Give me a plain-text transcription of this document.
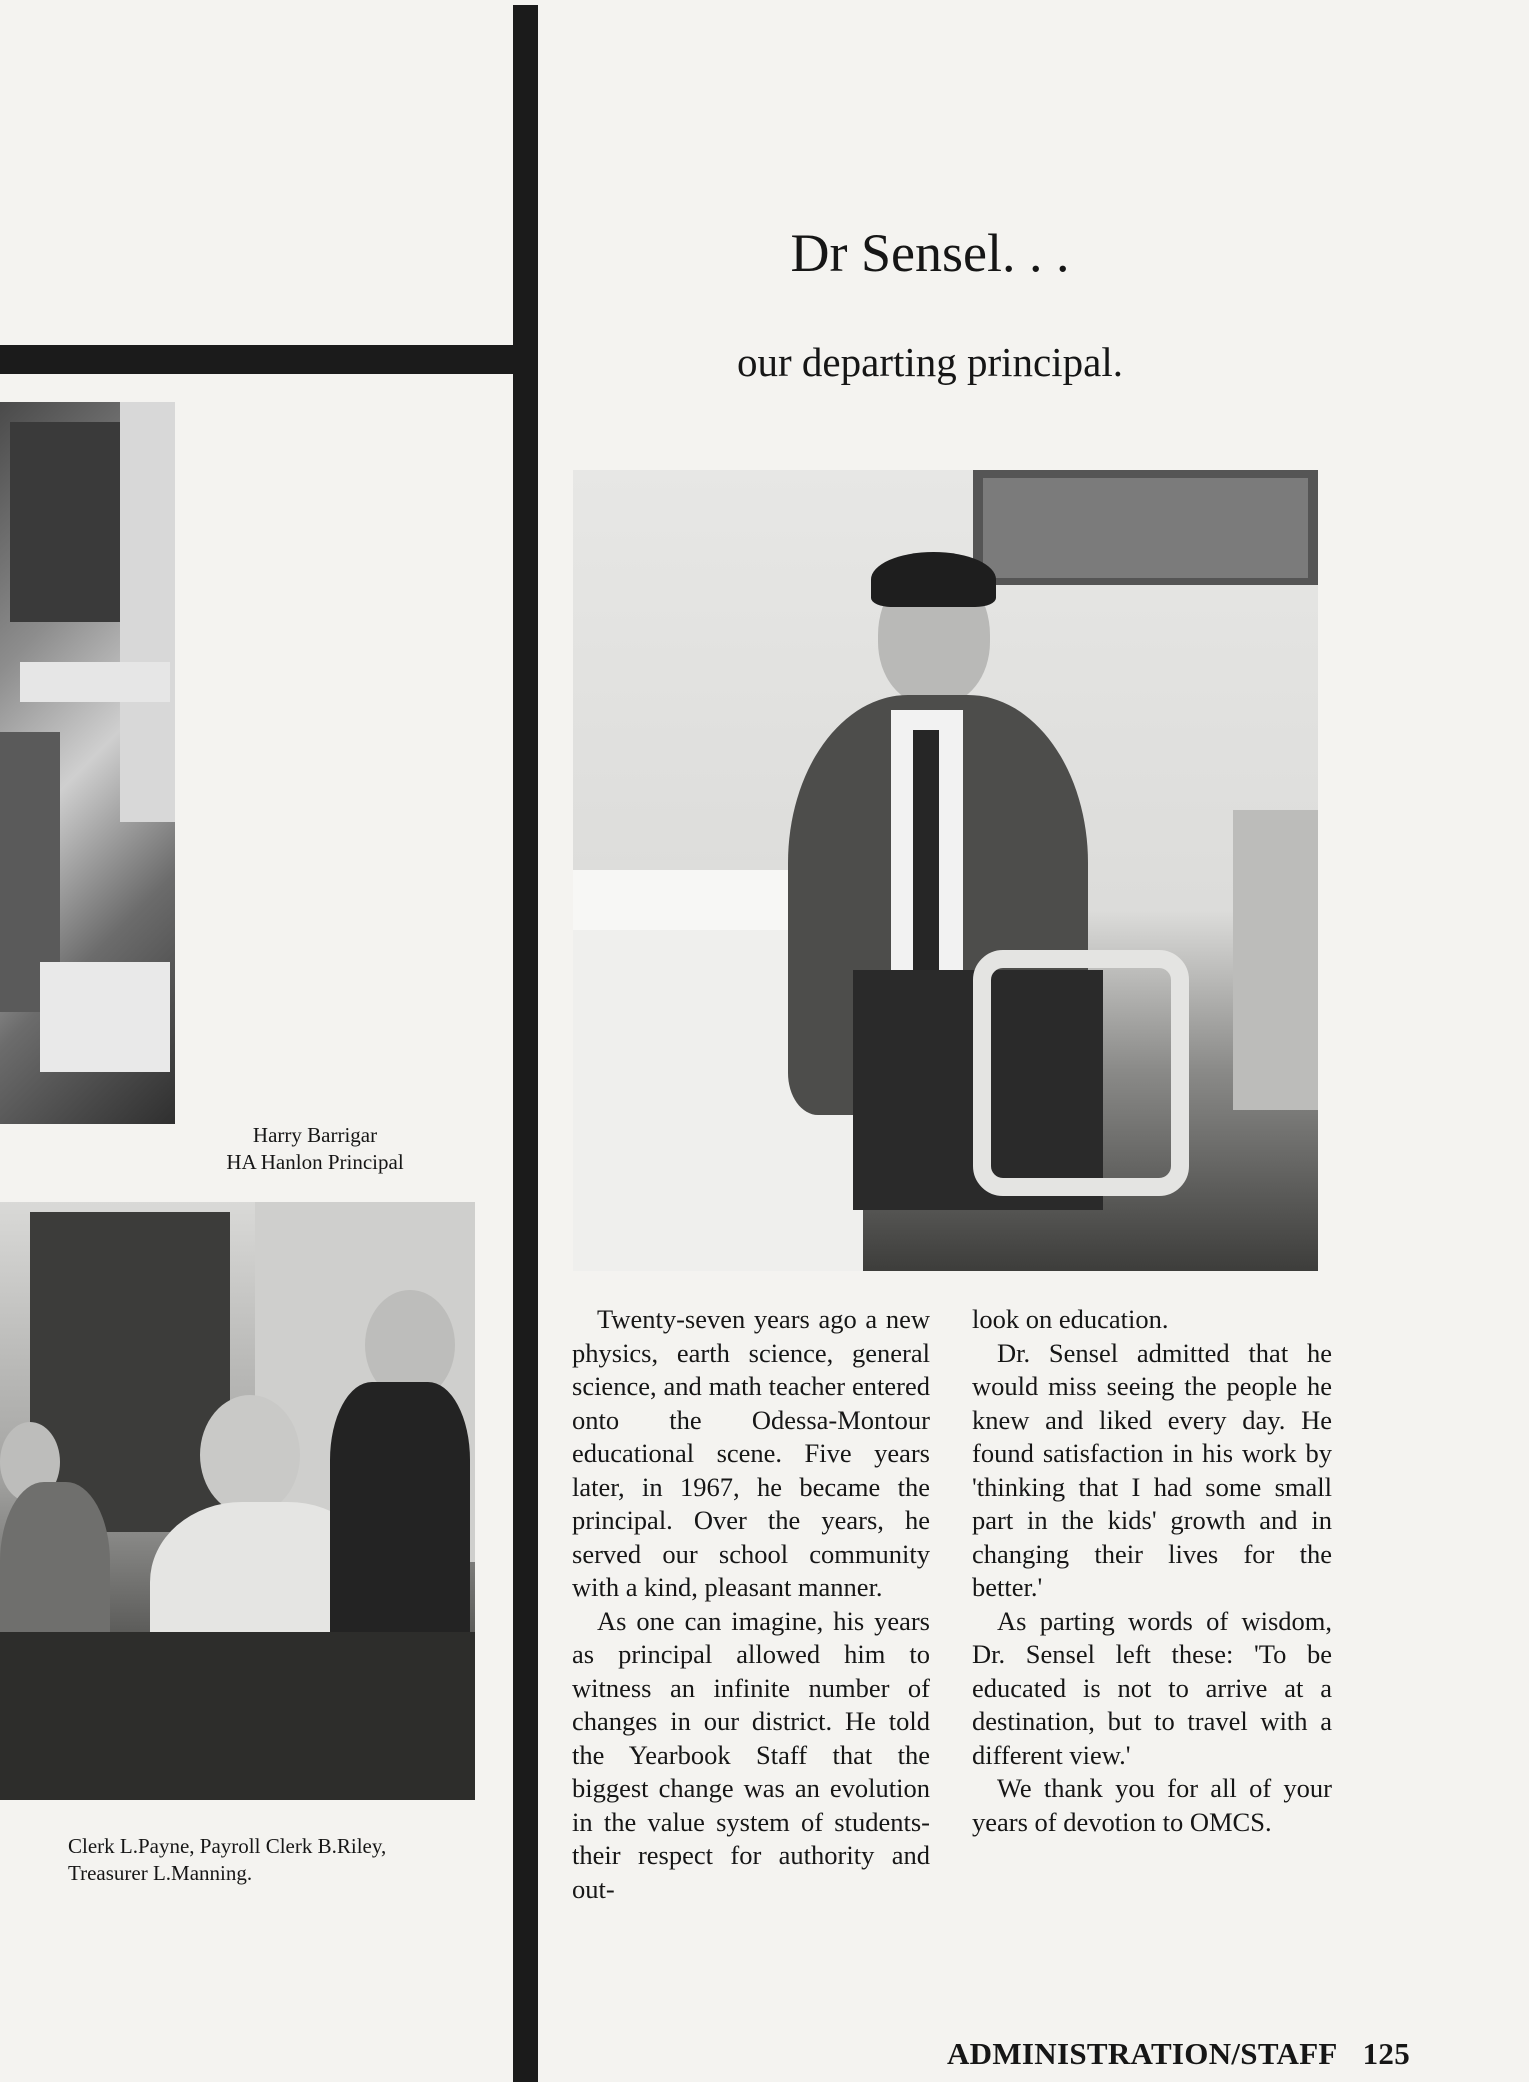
Harry Barrigar
HA Hanlon Principal
Clerk L.Payne, Payroll Clerk B.Riley,
Treasurer L.Manning.
Dr Sensel. . .
our departing principal.

Twenty-seven years ago a new physics, earth science, general science, and math teacher entered onto the Odessa-Montour educational scene. Five years later, in 1967, he became the principal. Over the years, he served our school community with a kind, pleasant manner.

As one can imagine, his years as principal allowed him to witness an infinite number of changes in our district. He told the Yearbook Staff that the biggest change was an evolution in the value system of students-their respect for authority and out-

look on education.

Dr. Sensel admitted that he would miss seeing the people he knew and liked every day. He found satisfaction in his work by 'thinking that I had some small part in the kids' growth and in changing their lives for the better.'

As parting words of wisdom, Dr. Sensel left these: 'To be educated is not to arrive at a destination, but to travel with a different view.'

We thank you for all of your years of devotion to OMCS.

ADMINISTRATION/STAFF 125
